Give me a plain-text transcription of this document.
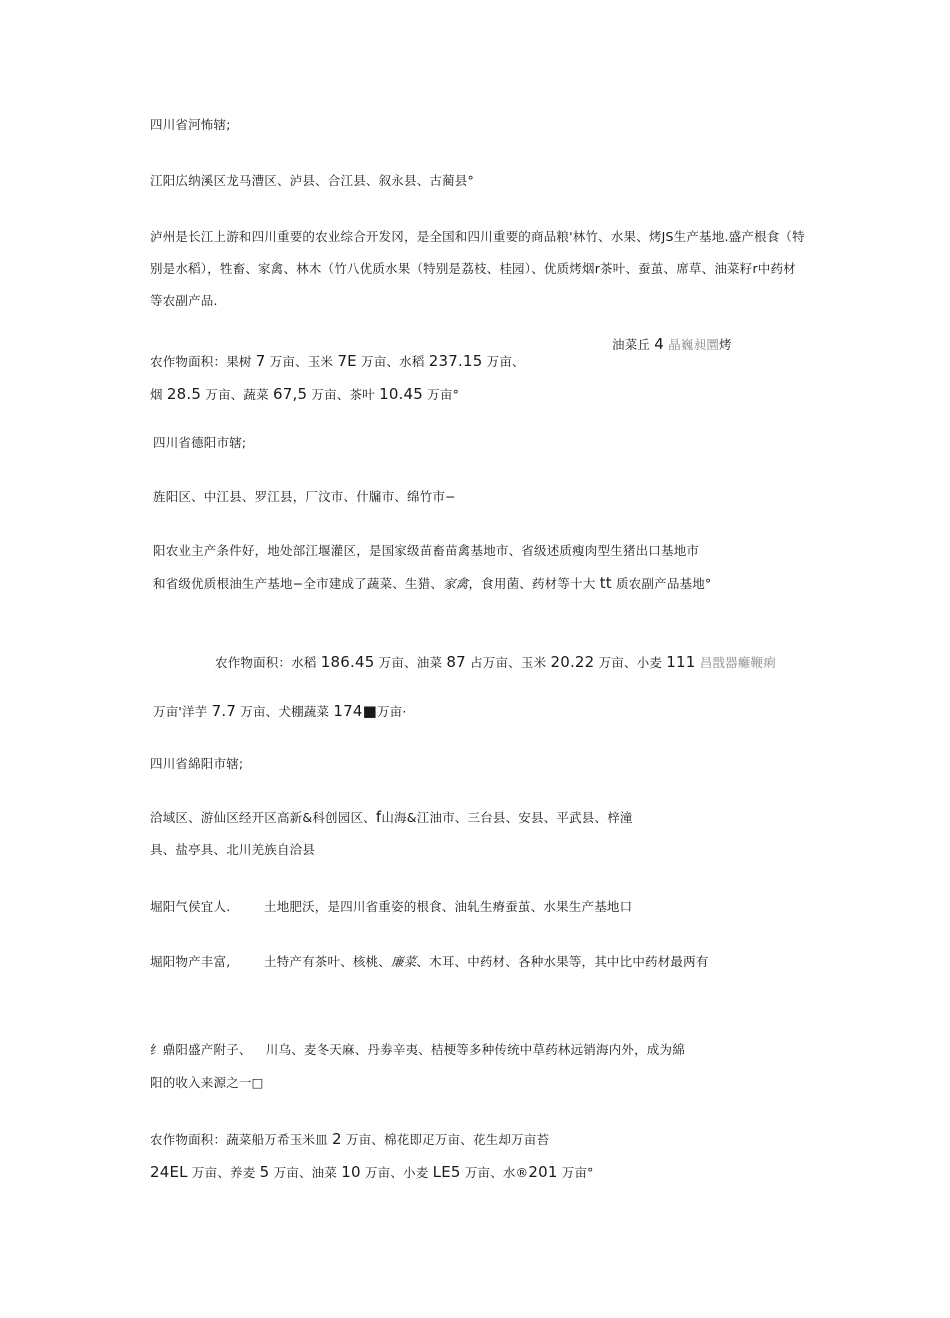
四川省河怖辖;
江阳広纳溪区龙马漕区、泸县、合江县、叙永县、古蔺县°
泸州是长江上游和四川重要的农业综合开发冈，是全国和四川重要的商品粮'林竹、水果、烤JS生产基地.盛产根食（特
别是水稻），牲畜、家禽、林木（竹八优质水果（特别是荔枝、桂园）、优质烤烟r茶叶、蚕茧、席草、油菜籽r中药材
等农副产品.
油菜丘 4 晶巍昶圜烤
农作物面积：果树 7 万亩、玉米 7E 万亩、水稻 237.15 万亩、
烟 28.5 万亩、蔬菜 67,5 万亩、茶叶 10.45 万亩°
四川省德阳市辖;
旌阳区、中江县、罗江县，厂汶市、什牖市、绵竹市−
阳农业主产条件好，地处部江堰灌区，是国家级苗畜苗禽基地市、省级述质瘦肉型生猪出口基地市
和省级优质根油生产基地−全市建成了蔬菜、生猎、家禽，食用菌、药材等十大 tt 质农副产品基地°
农作物面积：水稻 186.45 万亩、油菜 87 占万亩、玉米 20.22 万亩、小麦 111 昌戬器癱鞭痢
万亩'洋芋 7.7 万亩、犬棚蔬菜 174■万亩·
四川省綿阳市辖;
洽域区、游仙区经开区高新&科创园区、f山海&江油市、三台县、安县、平武县、梓潼
具、盐亭具、北川羌族自洽县
堀阳气侯宜人.	土地肥沃，是四川省重姿的根食、油轧生瘠蚕茧、水果生产基地口
堀阳物产丰富,	土特产有茶叶、核桃、廉菜、木耳、中药材、各种水果等，其中比中药材最两有
纟鼑阳盛产附子、 川乌、麦冬天麻、丹劵辛夷、桔梗等多种传统中草药林远销海内外，成为綿
阳的收入来源之一□
农作物面积：蔬菜船万希玉米皿 2 万亩、棉花即疋万亩、花生却万亩苔
24EL 万亩、养麦 5 万亩、油菜 10 万亩、小麦 LE5 万亩、水®201 万亩°
